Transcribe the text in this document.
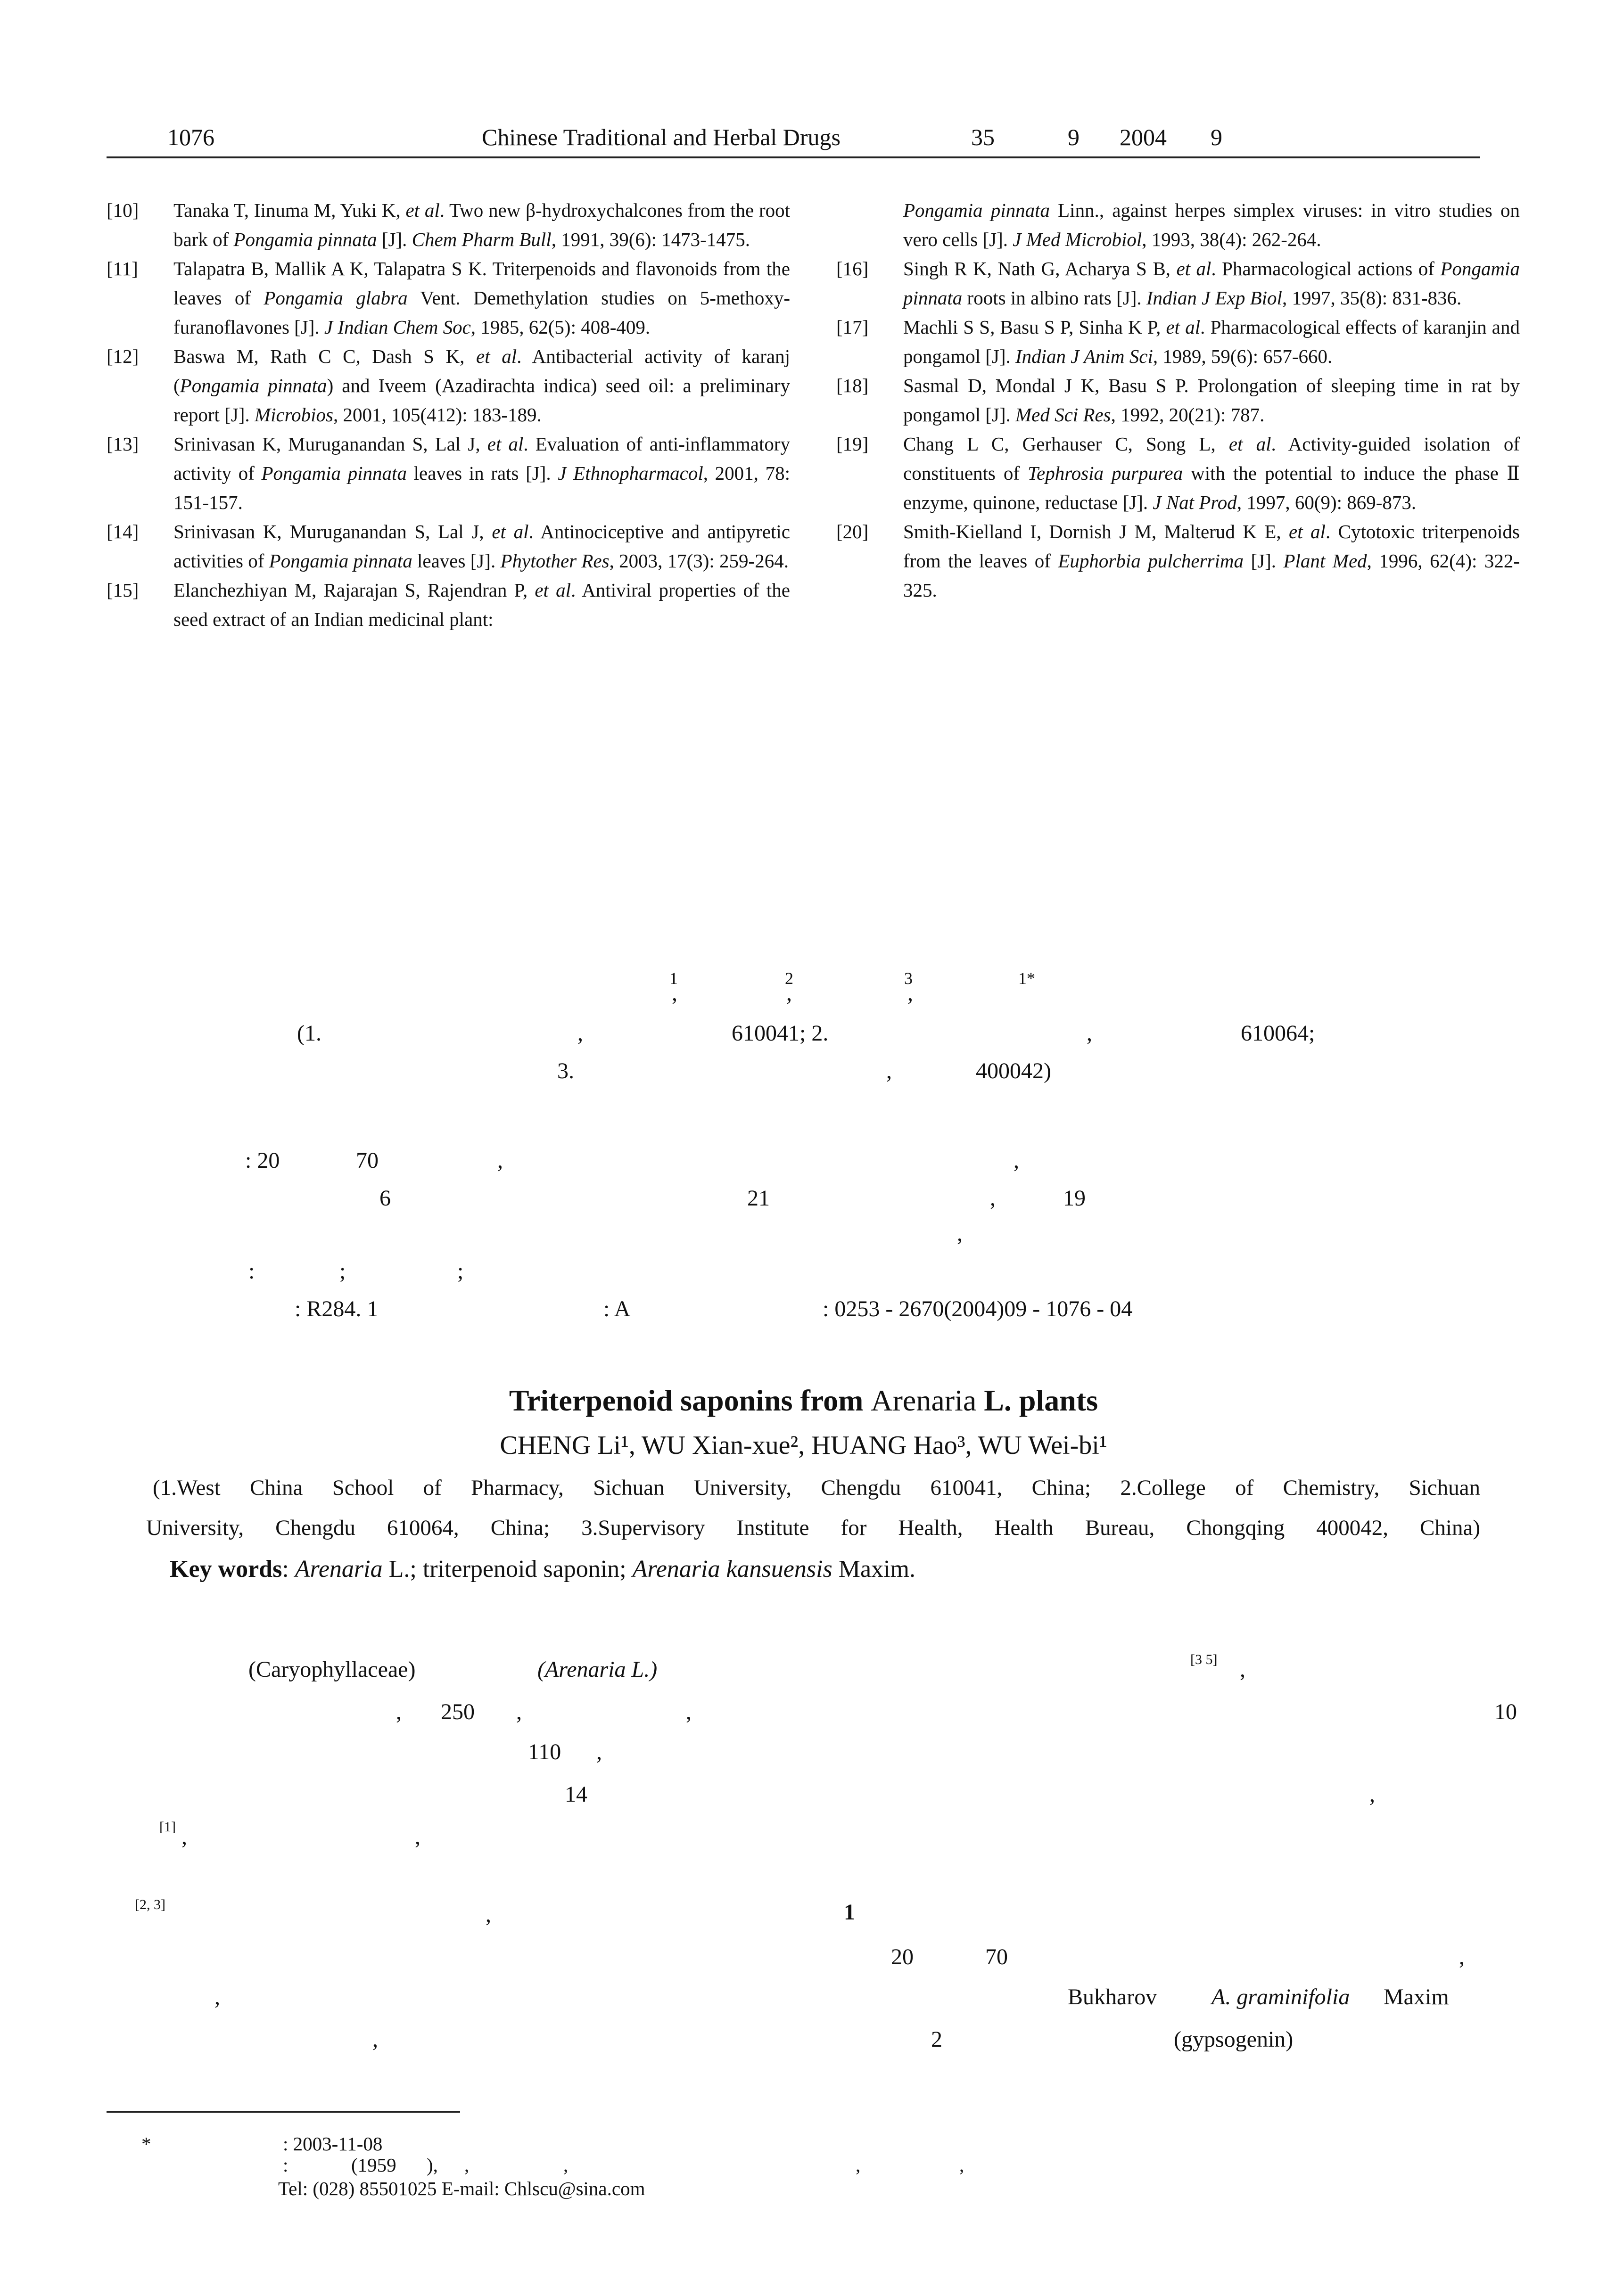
1076	Chinese Traditional and Herbal Drugs	35	9 2004 9
[10]	Tanaka T, Iinuma M, Yuki K, et al. Two new β-hydroxychalcones from the root bark of Pongamia pinnata [J]. Chem Pharm Bull, 1991, 39(6): 1473-1475.
[11]	Talapatra B, Mallik A K, Talapatra S K. Triterpenoids and flavonoids from the leaves of Pongamia glabra Vent. Demethylation studies on 5-methoxy-furanoflavones [J]. J Indian Chem Soc, 1985, 62(5): 408-409.
[12]	Baswa M, Rath C C, Dash S K, et al. Antibacterial activity of karanj (Pongamia pinnata) and Iveem (Azadirachta indica) seed oil: a preliminary report [J]. Microbios, 2001, 105(412): 183-189.
[13]	Srinivasan K, Muruganandan S, Lal J, et al. Evaluation of anti-inflammatory activity of Pongamia pinnata leaves in rats [J]. J Ethnopharmacol, 2001, 78: 151-157.
[14]	Srinivasan K, Muruganandan S, Lal J, et al. Antinociceptive and antipyretic activities of Pongamia pinnata leaves [J]. Phytother Res, 2003, 17(3): 259-264.
[15]	Elanchezhiyan M, Rajarajan S, Rajendran P, et al. Antiviral properties of the seed extract of an Indian medicinal plant:
Pongamia pinnata Linn., against herpes simplex viruses: in vitro studies on vero cells [J]. J Med Microbiol, 1993, 38(4): 262-264.
[16]	Singh R K, Nath G, Acharya S B, et al. Pharmacological actions of Pongamia pinnata roots in albino rats [J]. Indian J Exp Biol, 1997, 35(8): 831-836.
[17]	Machli S S, Basu S P, Sinha K P, et al. Pharmacological effects of karanjin and pongamol [J]. Indian J Anim Sci, 1989, 59(6): 657-660.
[18]	Sasmal D, Mondal J K, Basu S P. Prolongation of sleeping time in rat by pongamol [J]. Med Sci Res, 1992, 20(21): 787.
[19]	Chang L C, Gerhauser C, Song L, et al. Activity-guided isolation of constituents of Tephrosia purpurea with the potential to induce the phase Ⅱ enzyme, quinone, reductase [J]. J Nat Prod, 1997, 60(9): 869-873.
[20]	Smith-Kielland I, Dornish J M, Malterud K E, et al. Cytotoxic triterpenoids from the leaves of Euphorbia pulcherrima [J]. Plant Med, 1996, 62(4): 322-325.
1
,
2
,
3
,
1*
(1.	,	610041; 2.	,	610064;
3.	,	400042)
: 20	70	,	,
6	21	,	19
,
:	;	;
: R284. 1	: A	: 0253 - 2670(2004)09 - 1076 - 04
Triterpenoid saponins from Arenaria L. plants
CHENG Li¹, WU Xian-xue², HUANG Hao³, WU Wei-bi¹
(1.West China School of Pharmacy, Sichuan University, Chengdu 610041, China; 2.College of Chemistry, Sichuan
University, Chengdu 610064, China; 3.Supervisory Institute for Health, Health Bureau, Chongqing 400042, China)
Key words: Arenaria L.; triterpenoid saponin; Arenaria kansuensis Maxim.
(Caryophyllaceae)	(Arenaria L.)	[3 5] ,
, 250 ,	,	10
110 ,
14	,
[1] ,	,
[2, 3]	,	1
20	70	,
,	Bukharov A. graminifolia Maxim
,	2	(gypsogenin)
*	: 2003-11-08
:	(1959 ), ,	,	,	,
Tel: (028) 85501025 E-mail: Chlscu@sina.com
